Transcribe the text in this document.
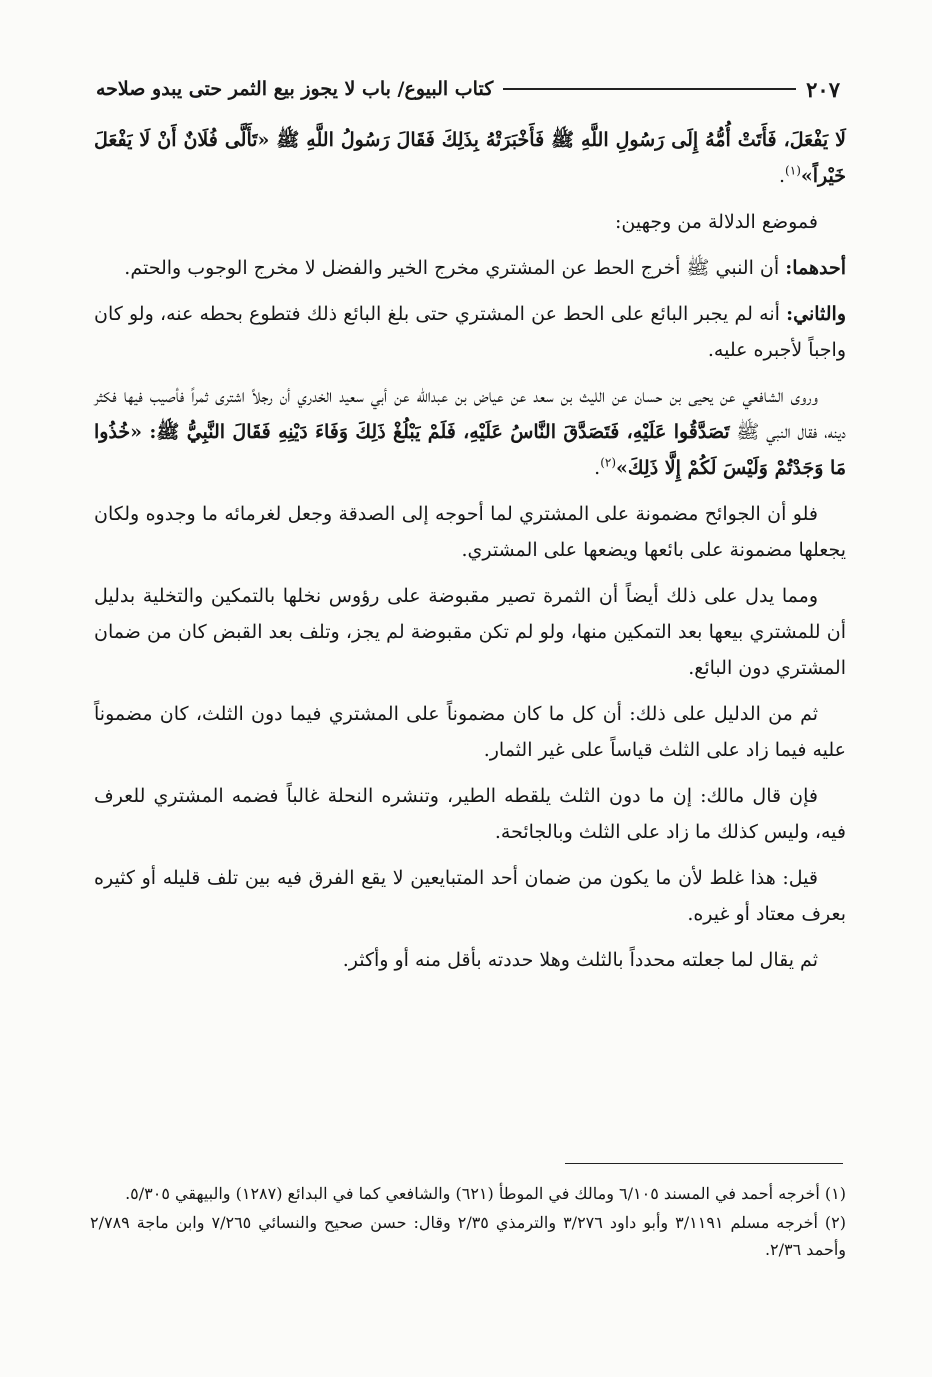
كتاب البيوع/ باب لا يجوز بيع الثمر حتى يبدو صلاحه	٢٠٧

لَا يَفْعَلَ، فَأَتَتْ أُمُّهُ إِلَى رَسُولِ اللَّهِ ﷺ فَأَخْبَرَتْهُ بِذَلِكَ فَقَالَ رَسُولُ اللَّهِ ﷺ «تَأَلَّى فُلَانٌ أَنْ لَا يَفْعَلَ خَيْراً»$^{(١)}$.

فموضع الدلالة من وجهين:

أحدهما: أن النبي ﷺ أخرج الحط عن المشتري مخرج الخير والفضل لا مخرج الوجوب والحتم.

والثاني: أنه لم يجبر البائع على الحط عن المشتري حتى بلغ البائع ذلك فتطوع بحطه عنه، ولو كان واجباً لأجبره عليه.

وروى الشافعي عن يحيى بن حسان عن الليث بن سعد عن عياض بن عبدالله عن أبي سعيد الخدري أن رجلاً اشترى ثمراً فأصيب فيها فكثر دينه، فقال النبي ﷺ تَصَدَّقُوا عَلَيْهِ، فَتَصَدَّقَ النَّاسُ عَلَيْهِ، فَلَمْ يَبْلُغْ ذَلِكَ وَفَاءَ دَيْنِهِ فَقَالَ النَّبِيُّ ﷺ: «خُذُوا مَا وَجَدْتُمْ وَلَيْسَ لَكُمْ إِلَّا ذَلِكَ»$^{(٢)}$.

فلو أن الجوائح مضمونة على المشتري لما أحوجه إلى الصدقة وجعل لغرمائه ما وجدوه ولكان يجعلها مضمونة على بائعها ويضعها على المشتري.

ومما يدل على ذلك أيضاً أن الثمرة تصير مقبوضة على رؤوس نخلها بالتمكين والتخلية بدليل أن للمشتري بيعها بعد التمكين منها، ولو لم تكن مقبوضة لم يجز، وتلف بعد القبض كان من ضمان المشتري دون البائع.

ثم من الدليل على ذلك: أن كل ما كان مضموناً على المشتري فيما دون الثلث، كان مضموناً عليه فيما زاد على الثلث قياساً على غير الثمار.

فإن قال مالك: إن ما دون الثلث يلقطه الطير، وتنشره النحلة غالباً فضمه المشتري للعرف فيه، وليس كذلك ما زاد على الثلث وبالجائحة.

قيل: هذا غلط لأن ما يكون من ضمان أحد المتبايعين لا يقع الفرق فيه بين تلف قليله أو كثيره بعرف معتاد أو غيره.

ثم يقال لما جعلته محدداً بالثلث وهلا حددته بأقل منه أو وأكثر.

(١) أخرجه أحمد في المسند ٦/١٠٥ ومالك في الموطأ (٦٢١) والشافعي كما في البدائع (١٢٨٧) والبيهقي ٥/٣٠٥.

(٢) أخرجه مسلم ٣/١١٩١ وأبو داود ٣/٢٧٦ والترمذي ٢/٣٥ وقال: حسن صحيح والنسائي ٧/٢٦٥ وابن ماجة ٢/٧٨٩ وأحمد ٢/٣٦.
